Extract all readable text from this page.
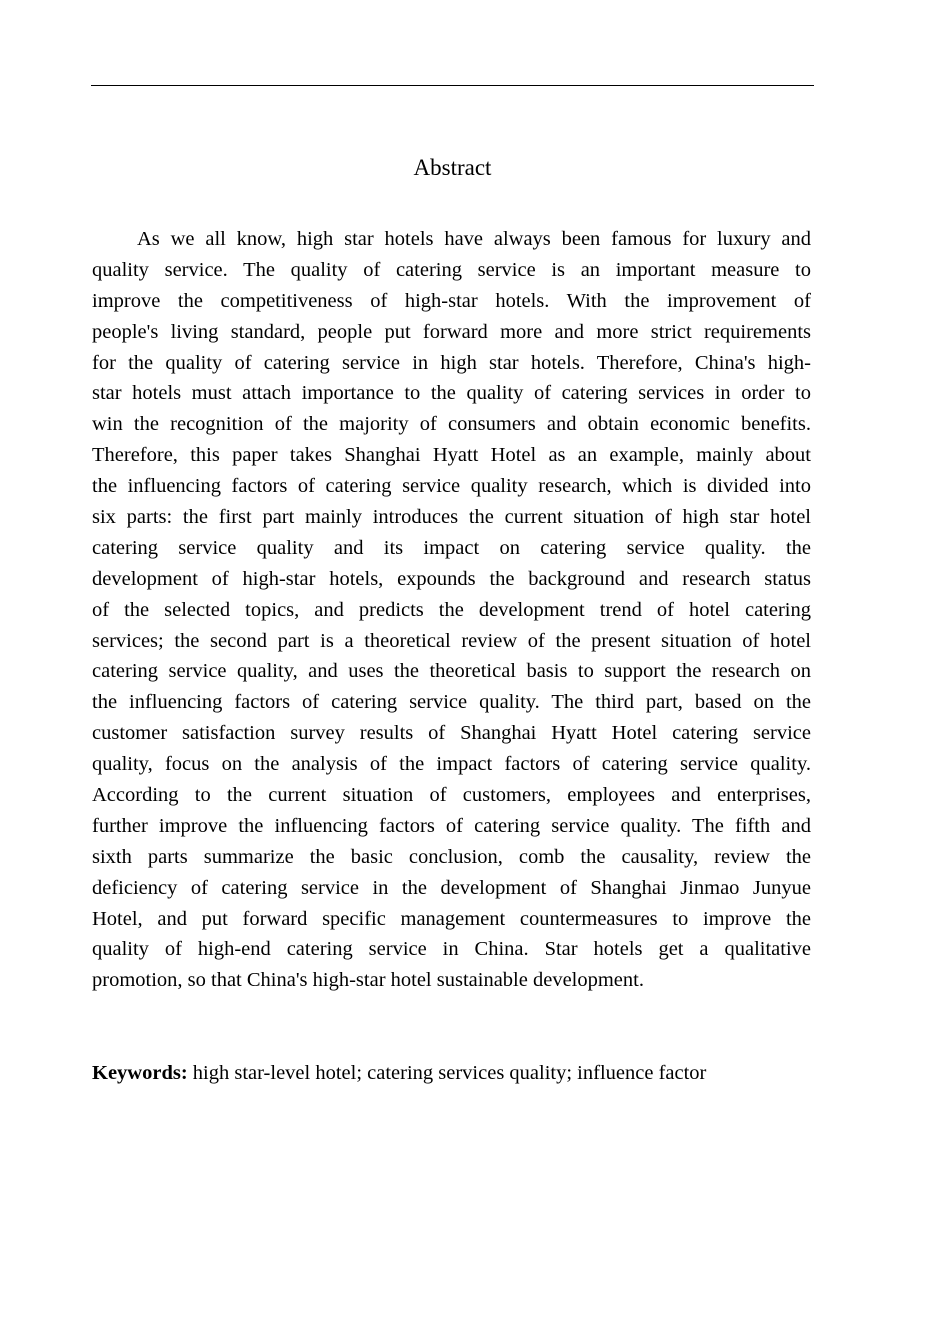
Abstract
As we all know, high star hotels have always been famous for luxury and
quality service. The quality of catering service is an important measure to
improve the competitiveness of high-star hotels. With the improvement of
people's living standard, people put forward more and more strict requirements
for the quality of catering service in high star hotels. Therefore, China's high-
star hotels must attach importance to the quality of catering services in order to
win the recognition of the majority of consumers and obtain economic benefits.
Therefore, this paper takes Shanghai Hyatt Hotel as an example, mainly about
the influencing factors of catering service quality research, which is divided into
six parts: the first part mainly introduces the current situation of high star hotel
catering service quality and its impact on catering service quality. the
development of high-star hotels, expounds the background and research status
of the selected topics, and predicts the development trend of hotel catering
services; the second part is a theoretical review of the present situation of hotel
catering service quality, and uses the theoretical basis to support the research on
the influencing factors of catering service quality. The third part, based on the
customer satisfaction survey results of Shanghai Hyatt Hotel catering service
quality, focus on the analysis of the impact factors of catering service quality.
According to the current situation of customers, employees and enterprises,
further improve the influencing factors of catering service quality. The fifth and
sixth parts summarize the basic conclusion, comb the causality, review the
deficiency of catering service in the development of Shanghai Jinmao Junyue
Hotel, and put forward specific management countermeasures to improve the
quality of high-end catering service in China. Star hotels get a qualitative
promotion, so that China's high-star hotel sustainable development.
Keywords: high star-level hotel; catering services quality; influence factor
